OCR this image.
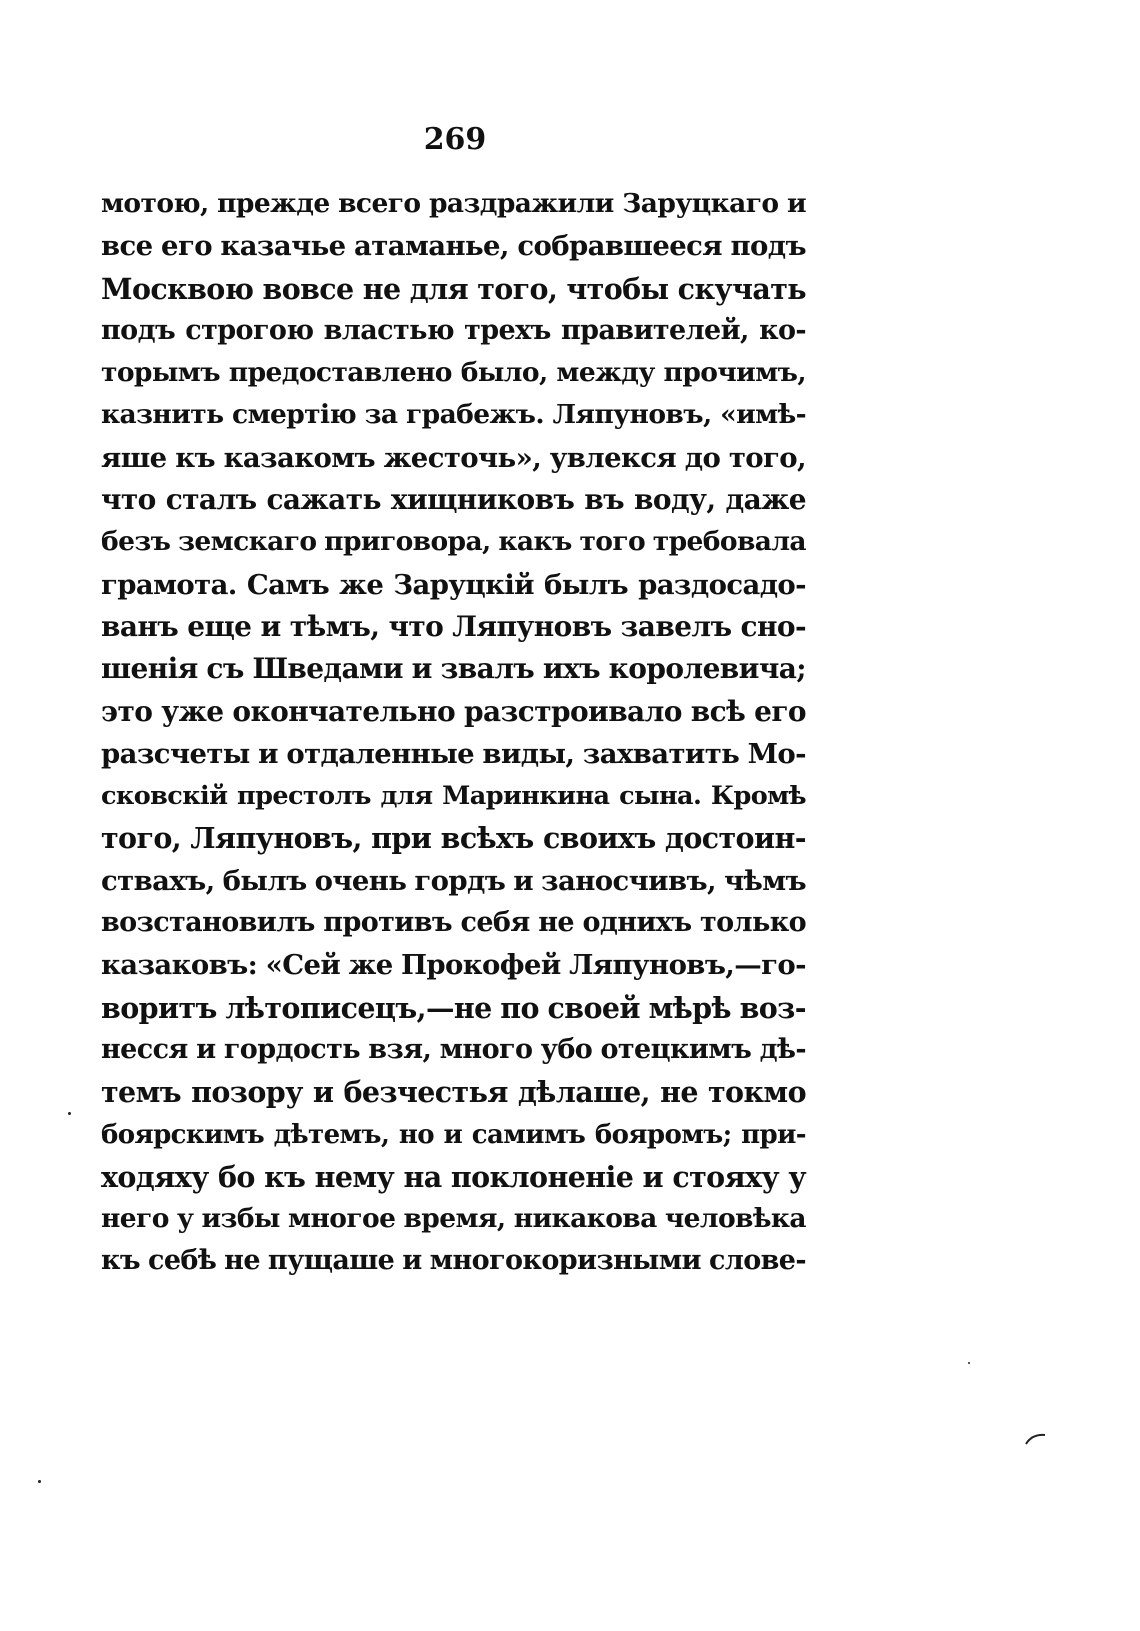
269
мотою, прежде всего раздражили Заруцкаго и
все его казачье атаманье, собравшееся подъ
Москвою вовсе не для того, чтобы скучать
подъ строгою властью трехъ правителей, ко-
торымъ предоставлено было, между прочимъ,
казнить смертію за грабежъ. Ляпуновъ, «имѣ-
яше къ казакомъ жесточь», увлекся до того,
что сталъ сажать хищниковъ въ воду, даже
безъ земскаго приговора, какъ того требовала
грамота. Самъ же Заруцкій былъ раздосадо-
ванъ еще и тѣмъ, что Ляпуновъ завелъ сно-
шенія съ Шведами и звалъ ихъ королевича;
это уже окончательно разстроивало всѣ его
разсчеты и отдаленные виды, захватить Мо-
сковскій престолъ для Маринкина сына. Кромѣ
того, Ляпуновъ, при всѣхъ своихъ достоин-
ствахъ, былъ очень гордъ и заносчивъ, чѣмъ
возстановилъ противъ себя не однихъ только
казаковъ: «Сей же Прокофей Ляпуновъ,—го-
воритъ лѣтописецъ,—не по своей мѣрѣ воз-
несся и гордость взя, много убо отецкимъ дѣ-
темъ позору и безчестья дѣлаше, не токмо
боярскимъ дѣтемъ, но и самимъ бояромъ; при-
ходяху бо къ нему на поклоненіе и стояху у
него у избы многое время, никакова человѣка
къ себѣ не пущаше и многокоризными слове-
